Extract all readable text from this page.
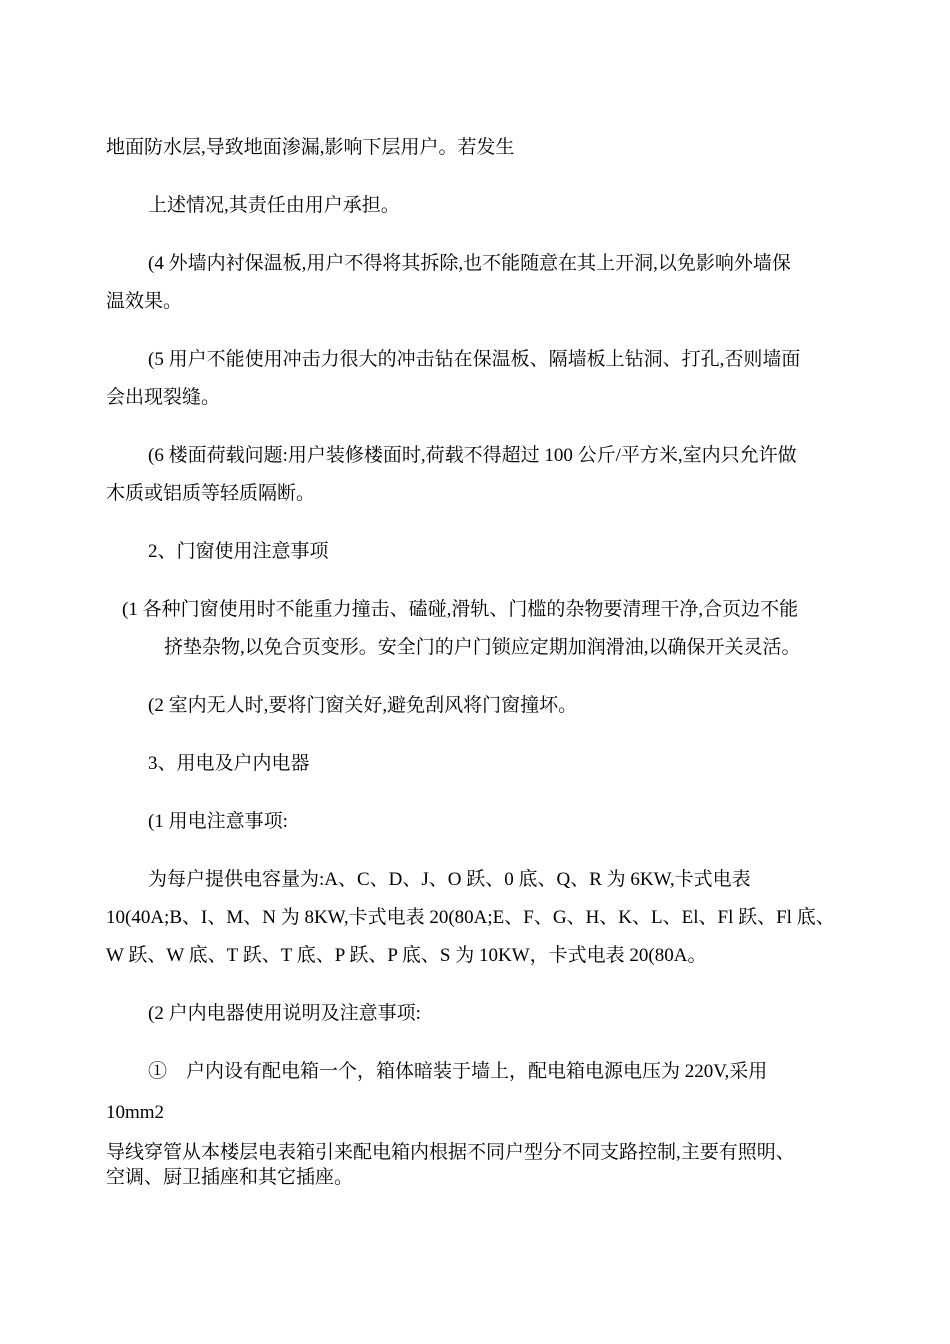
地面防水层,导致地面渗漏,影响下层用户。若发生
上述情况,其责任由用户承担。
(4 外墙内衬保温板,用户不得将其拆除,也不能随意在其上开洞,以免影响外墙保
温效果。
(5 用户不能使用冲击力很大的冲击钻在保温板、隔墙板上钻洞、打孔,否则墙面
会出现裂缝。
(6 楼面荷载问题:用户装修楼面时,荷载不得超过 100 公斤/平方米,室内只允许做
木质或铝质等轻质隔断。
2、门窗使用注意事项
(1 各种门窗使用时不能重力撞击、磕碰,滑轨、门槛的杂物要清理干净,合页边不能
挤垫杂物,以免合页变形。安全门的户门锁应定期加润滑油,以确保开关灵活。
(2 室内无人时,要将门窗关好,避免刮风将门窗撞坏。
3、用电及户内电器
(1 用电注意事项:
为每户提供电容量为:A、C、D、J、O 跃、0 底、Q、R 为 6KW,卡式电表
10(40A;B、I、M、N 为 8KW,卡式电表 20(80A;E、F、G、H、K、L、El、Fl 跃、Fl 底、
W 跃、W 底、T 跃、T 底、P 跃、P 底、S 为 10KW，卡式电表 20(80A。
(2 户内电器使用说明及注意事项:
①　户内设有配电箱一个，箱体暗装于墙上，配电箱电源电压为 220V,采用
10mm2
导线穿管从本楼层电表箱引来配电箱内根据不同户型分不同支路控制,主要有照明、
空调、厨卫插座和其它插座。
